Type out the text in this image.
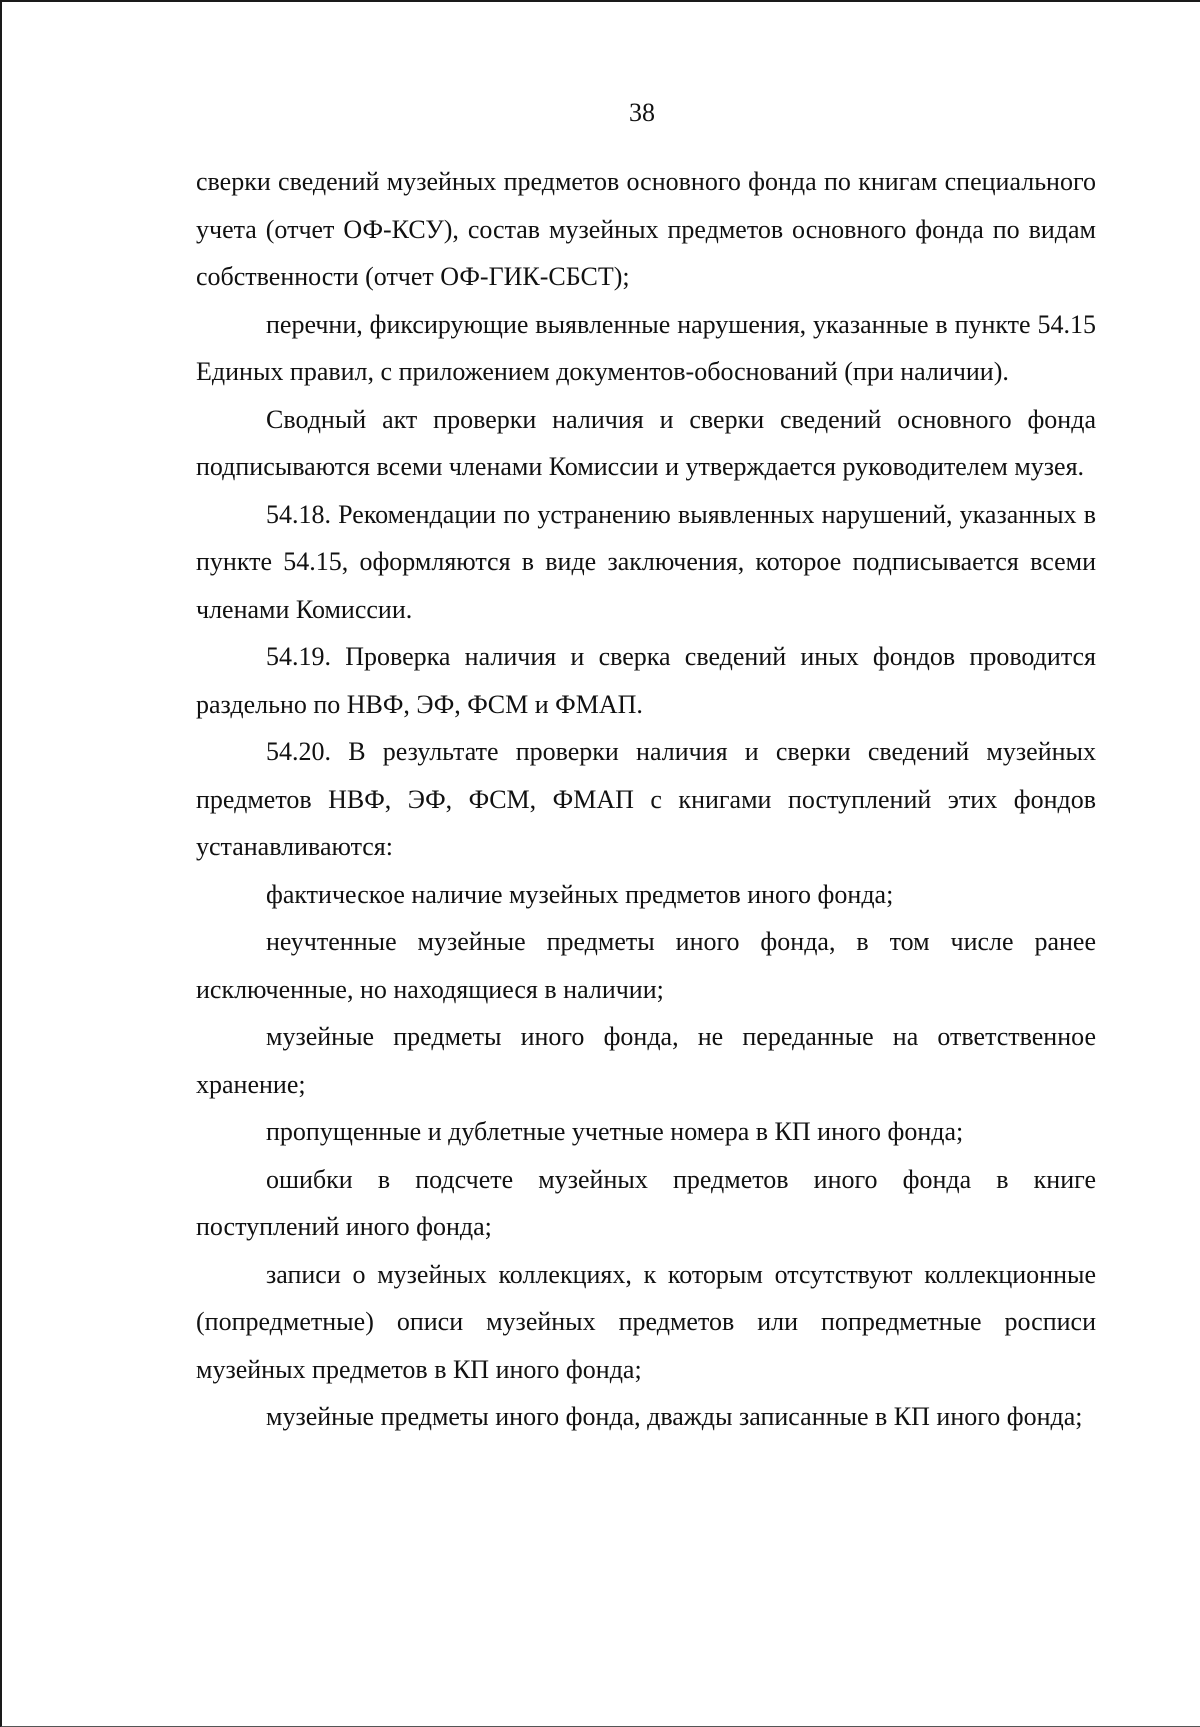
38

сверки сведений музейных предметов основного фонда по книгам специального учета (отчет ОФ-КСУ), состав музейных предметов основного фонда по видам собственности (отчет ОФ-ГИК-СБСТ);

перечни, фиксирующие выявленные нарушения, указанные в пункте 54.15 Единых правил, с приложением документов-обоснований (при наличии).

Сводный акт проверки наличия и сверки сведений основного фонда подписываются всеми членами Комиссии и утверждается руководителем музея.

54.18. Рекомендации по устранению выявленных нарушений, указанных в пункте 54.15, оформляются в виде заключения, которое подписывается всеми членами Комиссии.

54.19. Проверка наличия и сверка сведений иных фондов проводится раздельно по НВФ, ЭФ, ФСМ и ФМАП.

54.20. В результате проверки наличия и сверки сведений музейных предметов НВФ, ЭФ, ФСМ, ФМАП с книгами поступлений этих фондов устанавливаются:

фактическое наличие музейных предметов иного фонда;

неучтенные музейные предметы иного фонда, в том числе ранее исключенные, но находящиеся в наличии;

музейные предметы иного фонда, не переданные на ответственное хранение;

пропущенные и дублетные учетные номера в КП иного фонда;

ошибки в подсчете музейных предметов иного фонда в книге поступлений иного фонда;

записи о музейных коллекциях, к которым отсутствуют коллекционные (попредметные) описи музейных предметов или попредметные росписи музейных предметов в КП иного фонда;

музейные предметы иного фонда, дважды записанные в КП иного фонда;
